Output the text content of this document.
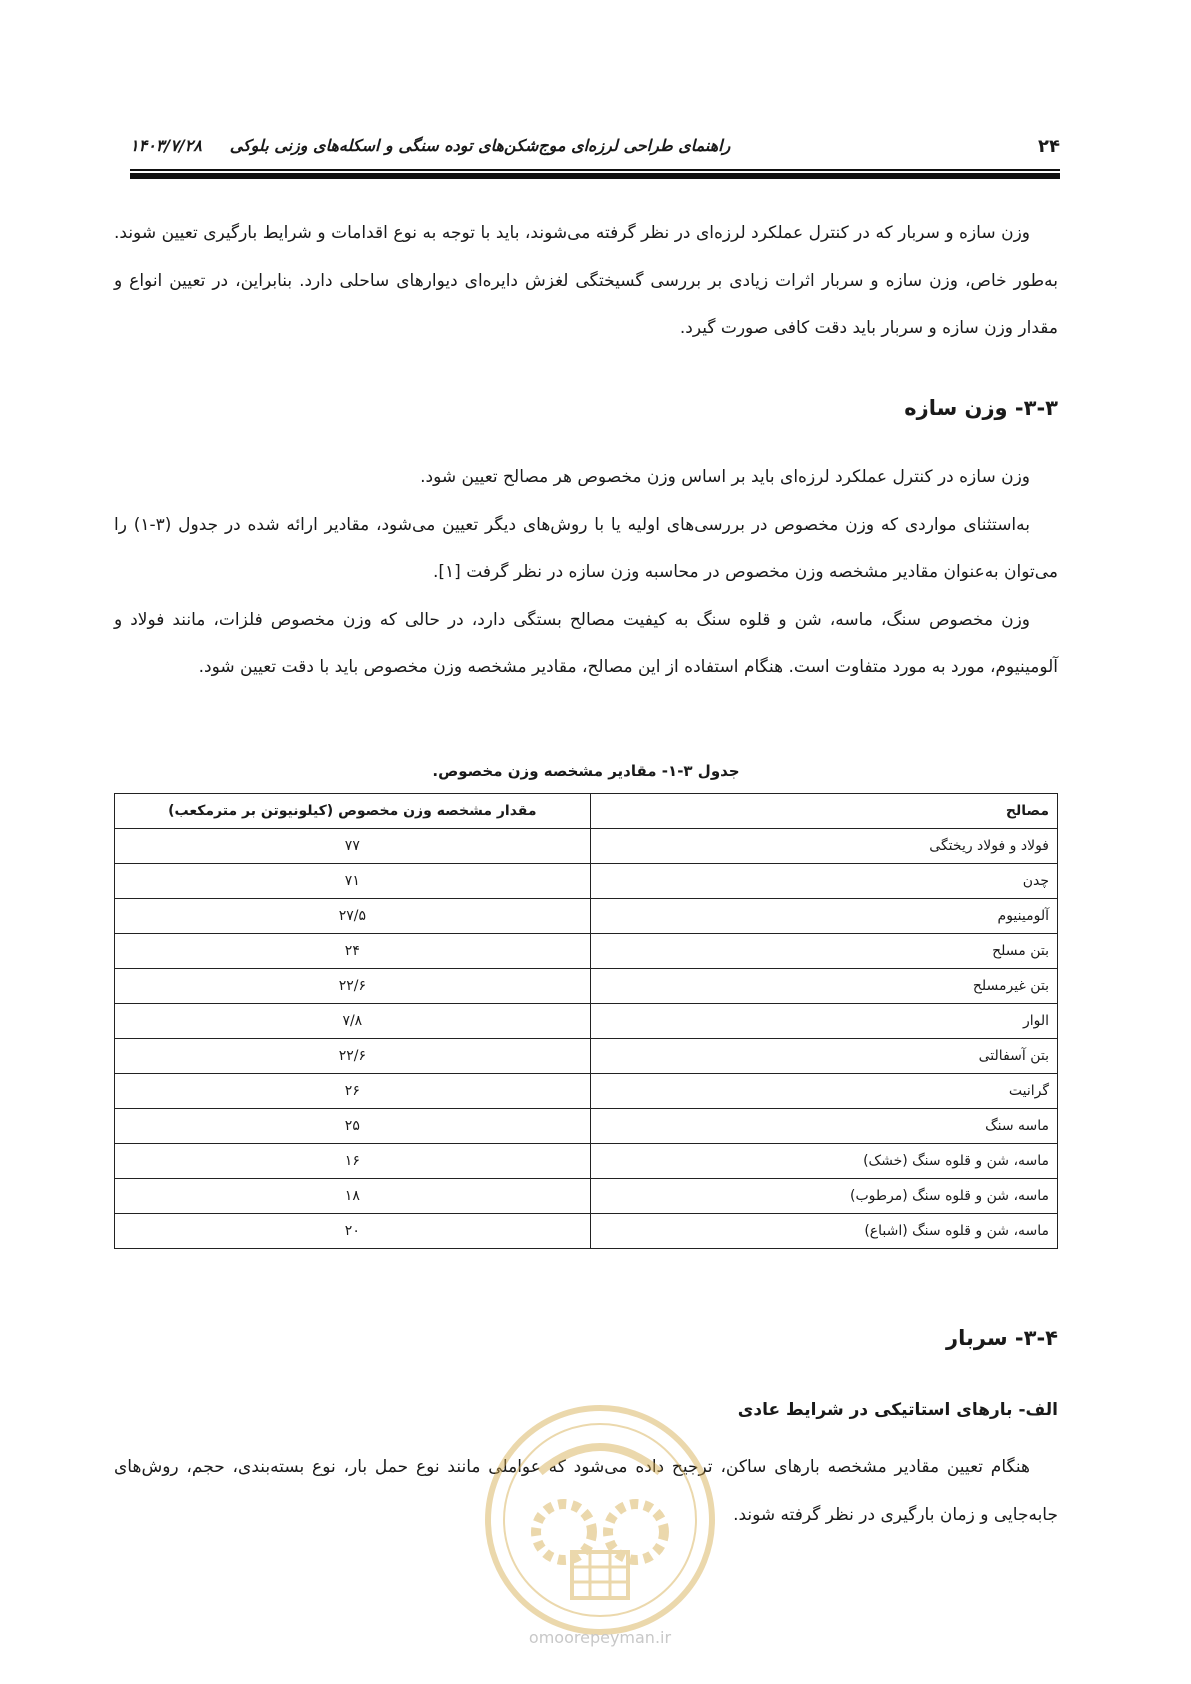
۲۴
راهنمای طراحی لرزه‌ای موج‌شکن‌های توده سنگی و اسکله‌های وزنی بلوکی     ۱۴۰۳/۷/۲۸

وزن سازه و سربار که در کنترل عملکرد لرزه‌ای در نظر گرفته می‌شوند، باید با توجه به نوع اقدامات و شرایط بارگیری تعیین شوند. به‌طور خاص، وزن سازه و سربار اثرات زیادی بر بررسی گسیختگی لغزش دایره‌ای دیوارهای ساحلی دارد. بنابراین، در تعیین انواع و مقدار وزن سازه و سربار باید دقت کافی صورت گیرد.

۳-۳- وزن سازه

وزن سازه در کنترل عملکرد لرزه‌ای باید بر اساس وزن مخصوص هر مصالح تعیین شود.

به‌استثنای مواردی که وزن مخصوص در بررسی‌های اولیه یا با روش‌های دیگر تعیین می‌شود، مقادیر ارائه شده در جدول (۳-۱) را می‌توان به‌عنوان مقادیر مشخصه وزن مخصوص در محاسبه وزن سازه در نظر گرفت [۱].

وزن مخصوص سنگ، ماسه، شن و قلوه سنگ به کیفیت مصالح بستگی دارد، در حالی که وزن مخصوص فلزات، مانند فولاد و آلومینیوم، مورد به مورد متفاوت است. هنگام استفاده از این مصالح، مقادیر مشخصه وزن مخصوص باید با دقت تعیین شود.

جدول ۳-۱- مقادیر مشخصه وزن مخصوص.
مصالح	مقدار مشخصه وزن مخصوص (کیلونیوتن بر مترمکعب)
فولاد و فولاد ریختگی	۷۷
چدن	۷۱
آلومینیوم	۲۷/۵
بتن مسلح	۲۴
بتن غیرمسلح	۲۲/۶
الوار	۷/۸
بتن آسفالتی	۲۲/۶
گرانیت	۲۶
ماسه سنگ	۲۵
ماسه، شن و قلوه سنگ (خشک)	۱۶
ماسه، شن و قلوه سنگ (مرطوب)	۱۸
ماسه، شن و قلوه سنگ (اشباع)	۲۰
۳-۴- سربار
الف- بارهای استاتیکی در شرایط عادی

هنگام تعیین مقادیر مشخصه بارهای ساکن، ترجیح داده می‌شود که عواملی مانند نوع حمل بار، نوع بسته‌بندی، حجم، روش‌های جابه‌جایی و زمان بارگیری در نظر گرفته شوند.

omoorepeyman.ir
